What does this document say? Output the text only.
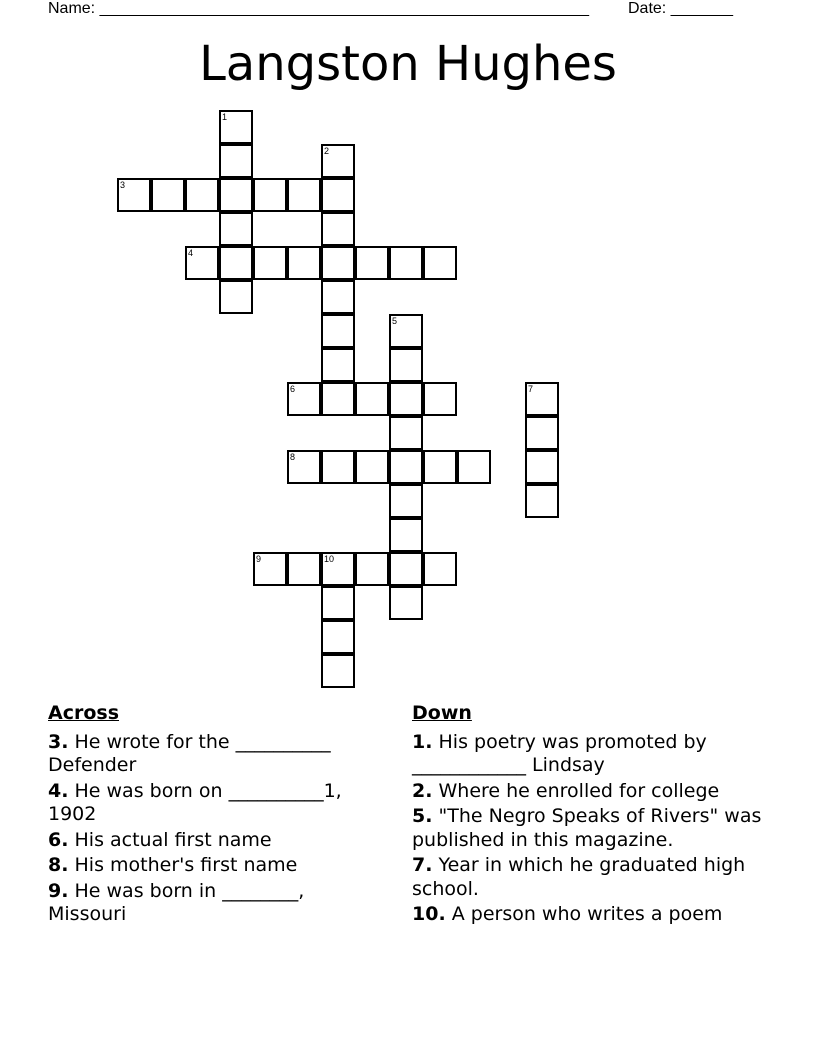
Name: _______________________________________________________ Date: _______
Langston Hughes
1
2
3
4
5
6	7
8
9	10
Across
3. He wrote for the __________ Defender
4. He was born on __________1, 1902
6. His actual first name
8. His mother's first name
9. He was born in ________, Missouri
Down
1. His poetry was promoted by ____________ Lindsay
2. Where he enrolled for college
5. "The Negro Speaks of Rivers" was published in this magazine.
7. Year in which he graduated high school.
10. A person who writes a poem
